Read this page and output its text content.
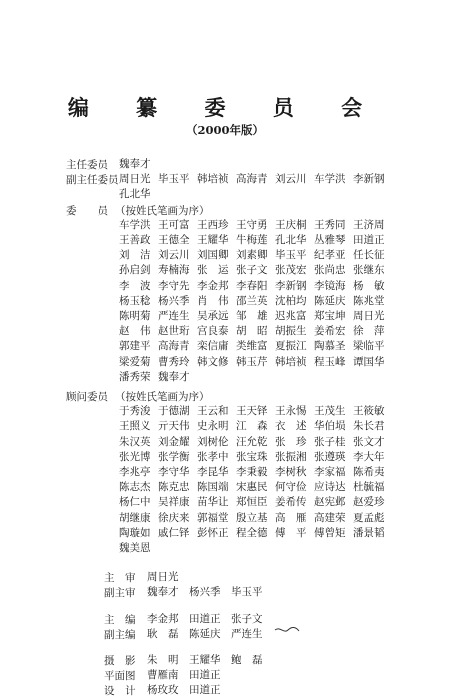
编 纂 委 员 会
（2000年版）
主任委员 魏奉才
副主任委员 周日光 毕玉平 韩培祯 高海青 刘云川 车学洪 李新钢
孔北华
委　　员 （按姓氏笔画为序）
车学洪 王可富 王西珍 王守勇 王庆桐 王秀同 王济周
王善政 王德全 王耀华 牛梅莲 孔北华 丛雅琴 田道正
刘　洁 刘云川 刘国卿 刘素卿 毕玉平 纪孝亚 任长征
孙启剑 寿楠海 张　运 张子文 张茂宏 张尚忠 张继东
李　波 李守先 李金邦 李春阳 李新钢 李镜海 杨　敏
杨玉稔 杨兴季 肖　伟 邵兰英 沈柏均 陈延庆 陈兆堂
陈明菊 严连生 吴承远 邹　雄 迟兆富 郑宝坤 周日光
赵　伟 赵世珩 宫良泰 胡　昭 胡振生 姜希宏 徐　萍
郭建平 高海青 栾信庸 类维富 夏振江 陶慕圣 梁临平
梁爱菊 曹秀玲 韩文修 韩玉芹 韩培祯 程玉峰 谭国华
潘秀荣 魏奉才
顾问委员 （按姓氏笔画为序）
于秀浚 于德湖 王云和 王天铎 王永惕 王茂生 王筱敏
王照义 亓天伟 史永明 江　森 衣　述 华伯埙 朱长君
朱汉英 刘金耀 刘树伦 汪允乾 张　珍 张子桂 张文才
张光博 张学衡 张孝中 张宝珠 张振湘 张遵瑛 李大年
李兆亭 李守华 李昆华 李秉毅 李树秋 李家福 陈希夷
陈志杰 陈克忠 陈国端 宋惠民 何守俭 应诗达 杜毓福
杨仁中 吴祥康 苗华让 郑恒臣 姜希传 赵宪邺 赵爱珍
胡继康 徐庆来 郭福堂 殷立基 高　雁 高建荣 夏孟彪
陶璇如 戚仁铎 彭怀正 程全德 傅　平 傅曾矩 潘景韬
魏美恩
主　审 周日光
副主审 魏奉才 杨兴季 毕玉平
主　编 李金邦 田道正 张子文
副主编 耿　磊 陈延庆 严连生
摄　影 朱　明 王耀华 鲍　磊
平面图 曹雁南 田道正
设　计 杨玫玫 田道正
